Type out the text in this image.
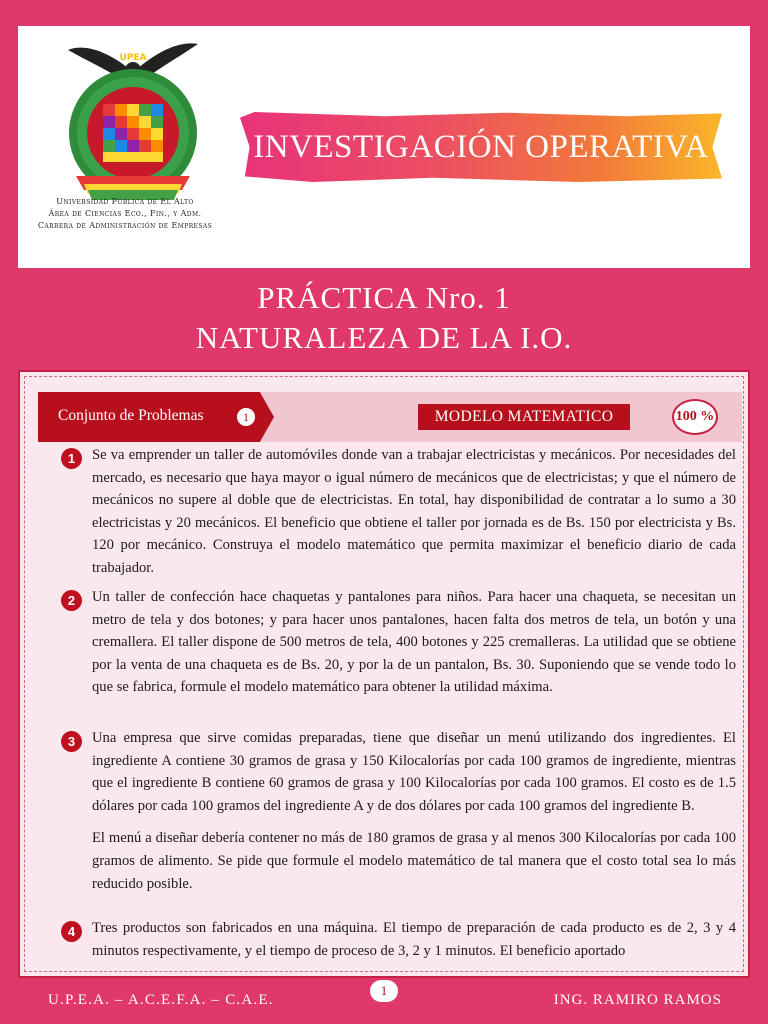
UPEA
Universidad Pública de El Alto
Área de Ciencias Eco., Fin., y Adm.
Carrera de Administración de Empresas
INVESTIGACIÓN OPERATIVA
PRÁCTICA Nro. 1
NATURALEZA DE LA I.O.
Conjunto de Problemas	1	MODELO MATEMATICO	100 %
1	Se va emprender un taller de automóviles donde van a trabajar electricistas y mecánicos. Por necesidades del mercado, es necesario que haya mayor o igual número de mecánicos que de electricistas; y que el número de mecánicos no supere al doble que de electricistas. En total, hay disponibilidad de contratar a lo sumo a 30 electricistas y 20 mecánicos. El beneficio que obtiene el taller por jornada es de Bs. 150 por electricista y Bs. 120 por mecánico. Construya el modelo matemático que permita maximizar el beneficio diario de cada trabajador.

2	Un taller de confección hace chaquetas y pantalones para niños. Para hacer una chaqueta, se necesitan un metro de tela y dos botones; y para hacer unos pantalones, hacen falta dos metros de tela, un botón y una cremallera. El taller dispone de 500 metros de tela, 400 botones y 225 cremalleras. La utilidad que se obtiene por la venta de una chaqueta es de Bs. 20, y por la de un pantalon, Bs. 30. Suponiendo que se vende todo lo que se fabrica, formule el modelo matemático para obtener la utilidad máxima.

3	Una empresa que sirve comidas preparadas, tiene que diseñar un menú utilizando dos ingredientes. El ingrediente A contiene 30 gramos de grasa y 150 Kilocalorías por cada 100 gramos de ingrediente, mientras que el ingrediente B contiene 60 gramos de grasa y 100 Kilocalorías por cada 100 gramos. El costo es de 1.5 dólares por cada 100 gramos del ingrediente A y de dos dólares por cada 100 gramos del ingrediente B.

El menú a diseñar debería contener no más de 180 gramos de grasa y al menos 300 Kilocalorías por cada 100 gramos de alimento. Se pide que formule el modelo matemático de tal manera que el costo total sea lo más reducido posible.

4	Tres productos son fabricados en una máquina. El tiempo de preparación de cada producto es de 2, 3 y 4 minutos respectivamente, y el tiempo de proceso de 3, 2 y 1 minutos. El beneficio aportado

U.P.E.A. – A.C.E.F.A. – C.A.E.
1
ING. RAMIRO RAMOS
